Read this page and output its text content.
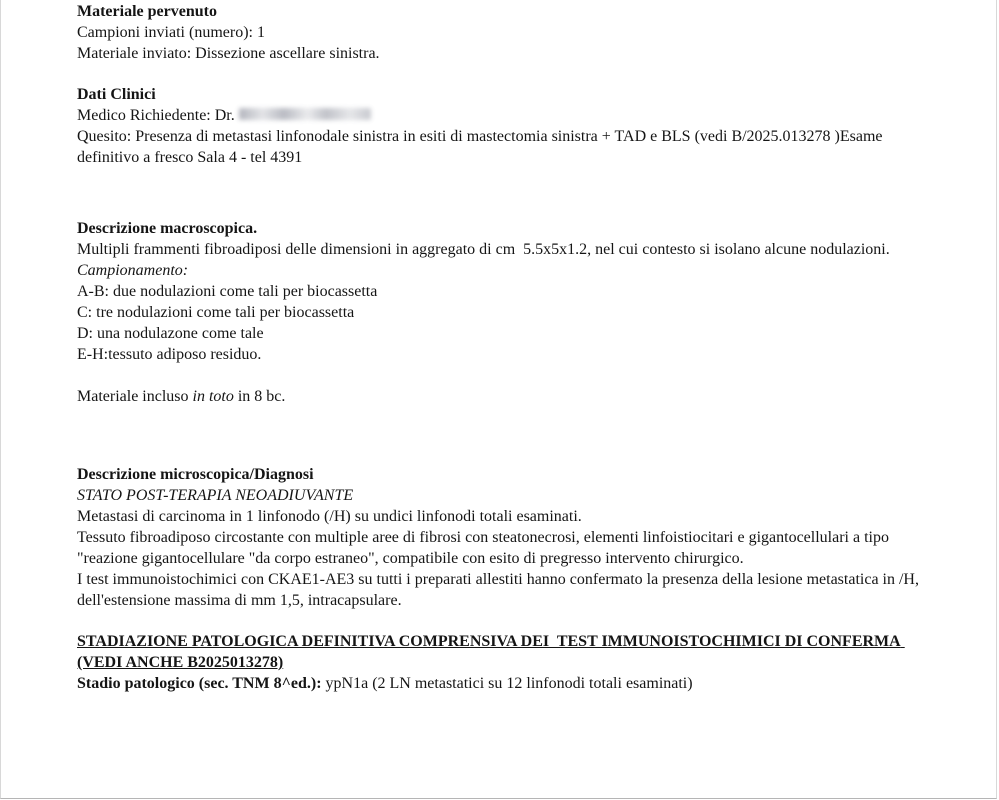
Materiale pervenuto

Campioni inviati (numero): 1

Materiale inviato: Dissezione ascellare sinistra.

Dati Clinici

Medico Richiedente: Dr.

Quesito: Presenza di metastasi linfonodale sinistra in esiti di mastectomia sinistra + TAD e BLS (vedi B/2025.013278 )Esame definitivo a fresco Sala 4 - tel 4391

Descrizione macroscopica.

Multipli frammenti fibroadiposi delle dimensioni in aggregato di cm  5.5x5x1.2, nel cui contesto si isolano alcune nodulazioni.

Campionamento:

A-B: due nodulazioni come tali per biocassetta

C: tre nodulazioni come tali per biocassetta

D: una nodulazone come tale

E-H:tessuto adiposo residuo.

Materiale incluso in toto in 8 bc.

Descrizione microscopica/Diagnosi

STATO POST-TERAPIA NEOADIUVANTE

Metastasi di carcinoma in 1 linfonodo (/H) su undici linfonodi totali esaminati.

Tessuto fibroadiposo circostante con multiple aree di fibrosi con steatonecrosi, elementi linfoistiocitari e gigantocellulari a tipo "reazione gigantocellulare "da corpo estraneo", compatibile con esito di pregresso intervento chirurgico.

I test immunoistochimici con CKAE1-AE3 su tutti i preparati allestiti hanno confermato la presenza della lesione metastatica in /H, dell'estensione massima di mm 1,5, intracapsulare.

STADIAZIONE PATOLOGICA DEFINITIVA COMPRENSIVA DEI  TEST IMMUNOISTOCHIMICI DI CONFERMA (VEDI ANCHE B2025013278)

Stadio patologico (sec. TNM 8^ed.): ypN1a (2 LN metastatici su 12 linfonodi totali esaminati)
